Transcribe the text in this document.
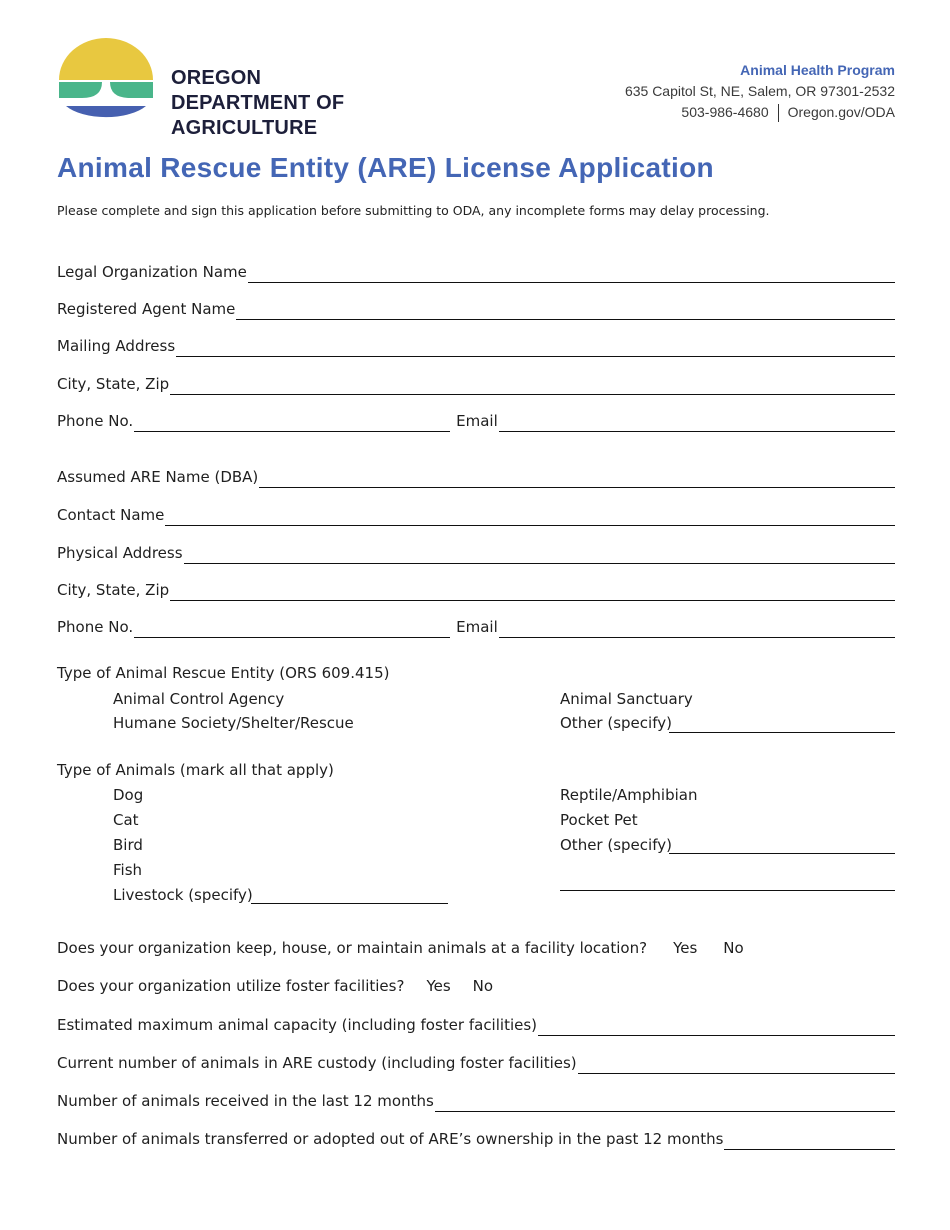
OREGON
DEPARTMENT OF
AGRICULTURE
Animal Health Program
635 Capitol St, NE, Salem, OR 97301-2532
503-986-4680 Oregon.gov/ODA
Animal Rescue Entity (ARE) License Application
Please complete and sign this application before submitting to ODA, any incomplete forms may delay processing.
Legal Organization Name
Registered Agent Name
Mailing Address
City, State, Zip
Phone No.	Email
Assumed ARE Name (DBA)
Contact Name
Physical Address
City, State, Zip
Phone No.	Email
Type of Animal Rescue Entity (ORS 609.415)
Animal Control Agency
Humane Society/Shelter/Rescue
Animal Sanctuary
Other (specify)
Type of Animals (mark all that apply)
Dog
Cat
Bird
Fish
Livestock (specify)
Reptile/Amphibian
Pocket Pet
Other (specify)
Does your organization keep, house, or maintain animals at a facility location? Yes No
Does your organization utilize foster facilities? Yes No
Estimated maximum animal capacity (including foster facilities)
Current number of animals in ARE custody (including foster facilities)
Number of animals received in the last 12 months
Number of animals transferred or adopted out of ARE’s ownership in the past 12 months
